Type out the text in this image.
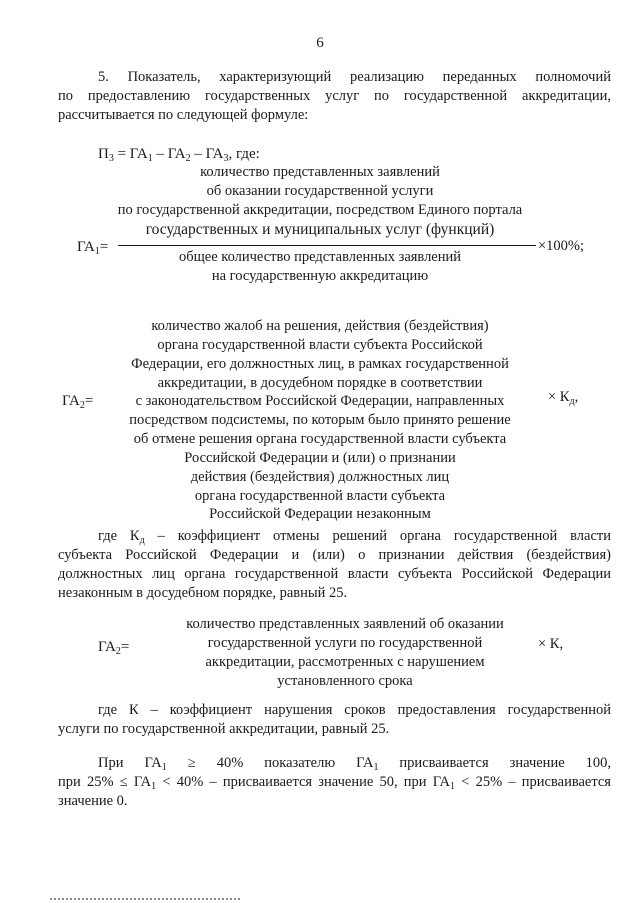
6

5. Показатель, характеризующий реализацию переданных полномочий

по предоставлению государственных услуг по государственной аккредитации,

рассчитывается по следующей формуле:

$П_3 = ГА_1 - ГА_2 - ГА_3$, где:
количество представленных заявлений
об оказании государственной услуги
по государственной аккредитации, посредством Единого портала
государственных и муниципальных услуг (функций)
$ГА_1=$	×100%;
общее количество представленных заявлений
на государственную аккредитацию
количество жалоб на решения, действия (бездействия)
органа государственной власти субъекта Российской
Федерации, его должностных лиц, в рамках государственной
аккредитации, в досудебном порядке в соответствии
с законодательством Российской Федерации, направленных
посредством подсистемы, по которым было принято решение
об отмене решения органа государственной власти субъекта
Российской Федерации и (или) о признании
действия (бездействия) должностных лиц
органа государственной власти субъекта
Российской Федерации незаконным
$ГА_2=$	× $К_д$,

где $К_д$ – коэффициент отмены решений органа государственной власти

субъекта Российской Федерации и (или) о признании действия (бездействия)

должностных лиц органа государственной власти субъекта Российской Федерации

незаконным в досудебном порядке, равный 25.

количество представленных заявлений об оказании
государственной услуги по государственной
аккредитации, рассмотренных с нарушением
установленного срока
$ГА_2=$	× К,

где К – коэффициент нарушения сроков предоставления государственной

услуги по государственной аккредитации, равный 25.

При $ГА_1 \ge 40\%$ показателю $ГА_1$ присваивается значение 100,
при $25\% \le ГА_1 < 40\%$ – присваивается значение 50, при $ГА_1 < 25\%$ – присваивается
значение 0.
